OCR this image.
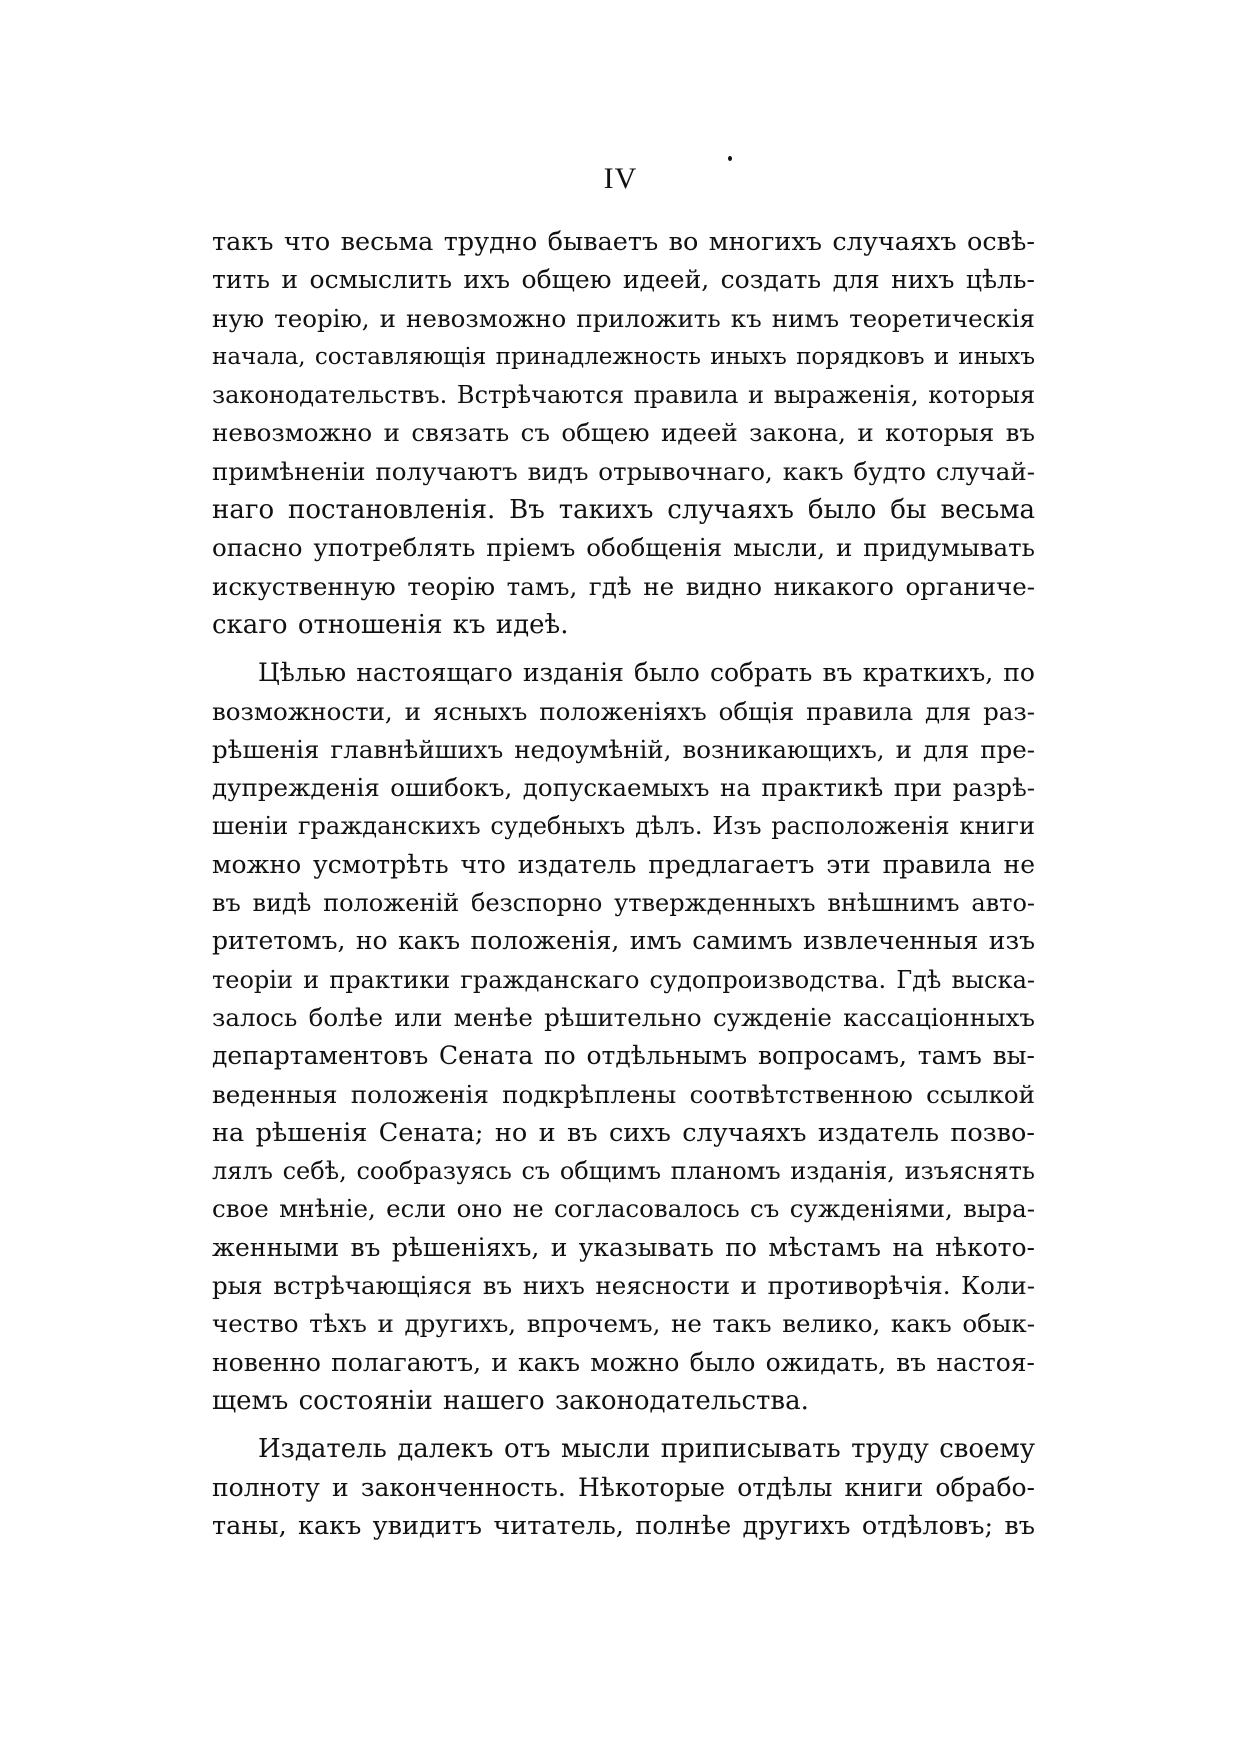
IV
такъ что весьма трудно бываетъ во многихъ случаяхъ освѣ-
тить и осмыслить ихъ общею идеей, создать для нихъ цѣль-
ную теорію, и невозможно приложить къ нимъ теоретическія
начала, составляющія принадлежность иныхъ порядковъ и иныхъ
законодательствъ. Встрѣчаются правила и выраженія, которыя
невозможно и связать съ общею идеей закона, и которыя въ
примѣненіи получаютъ видъ отрывочнаго, какъ будто случай-
наго постановленія. Въ такихъ случаяхъ было бы весьма
опасно употреблять пріемъ обобщенія мысли, и придумывать
искуственную теорію тамъ, гдѣ не видно никакого органиче-
скаго отношенія къ идеѣ.
Цѣлью настоящаго изданія было собрать въ краткихъ, по
возможности, и ясныхъ положеніяхъ общія правила для раз-
рѣшенія главнѣйшихъ недоумѣній, возникающихъ, и для пре-
дупрежденія ошибокъ, допускаемыхъ на практикѣ при разрѣ-
шеніи гражданскихъ судебныхъ дѣлъ. Изъ расположенія книги
можно усмотрѣть что издатель предлагаетъ эти правила не
въ видѣ положеній безспорно утвержденныхъ внѣшнимъ авто-
ритетомъ, но какъ положенія, имъ самимъ извлеченныя изъ
теоріи и практики гражданскаго судопроизводства. Гдѣ выска-
залось болѣе или менѣе рѣшительно сужденіе кассаціонныхъ
департаментовъ Сената по отдѣльнымъ вопросамъ, тамъ вы-
веденныя положенія подкрѣплены соотвѣтственною ссылкой
на рѣшенія Сената; но и въ сихъ случаяхъ издатель позво-
лялъ себѣ, сообразуясь съ общимъ планомъ изданія, изъяснять
свое мнѣніе, если оно не согласовалось съ сужденіями, выра-
женными въ рѣшеніяхъ, и указывать по мѣстамъ на нѣкото-
рыя встрѣчающіяся въ нихъ неясности и противорѣчія. Коли-
чество тѣхъ и другихъ, впрочемъ, не такъ велико, какъ обык-
новенно полагаютъ, и какъ можно было ожидать, въ настоя-
щемъ состояніи нашего законодательства.
Издатель далекъ отъ мысли приписывать труду своему
полноту и законченность. Нѣкоторые отдѣлы книги обрабо-
таны, какъ увидитъ читатель, полнѣе другихъ отдѣловъ; въ
